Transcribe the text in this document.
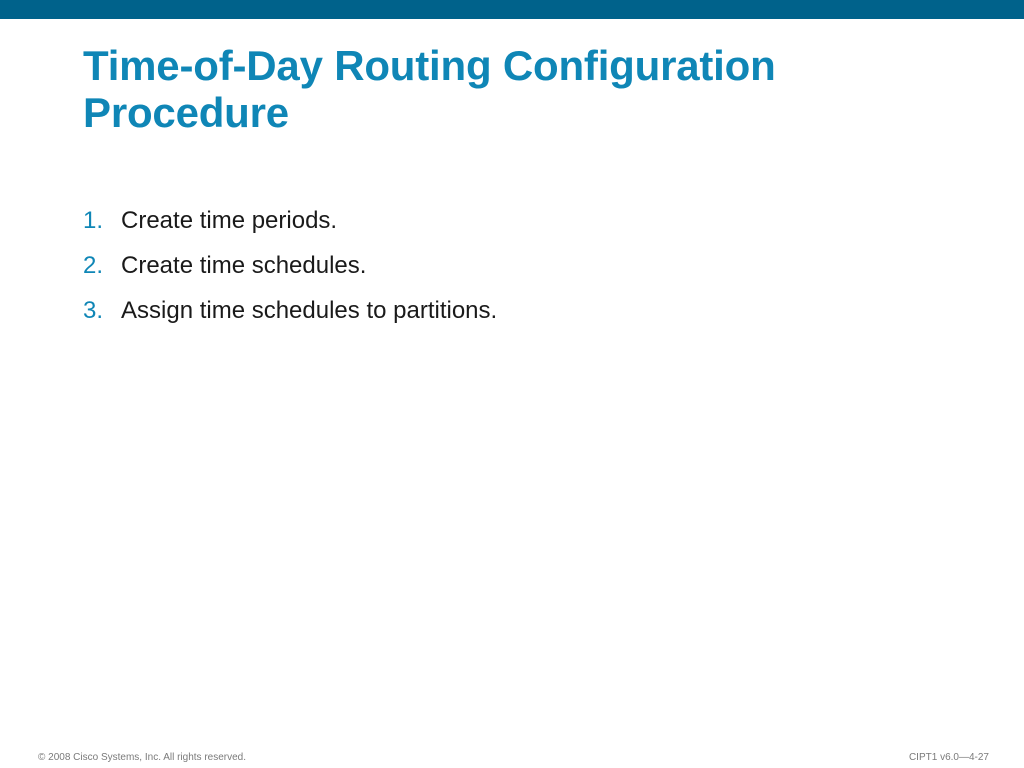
Time-of-Day Routing Configuration
Procedure
1. Create time periods.
2. Create time schedules.
3. Assign time schedules to partitions.
© 2008 Cisco Systems, Inc. All rights reserved.	CIPT1 v6.0—4-27
